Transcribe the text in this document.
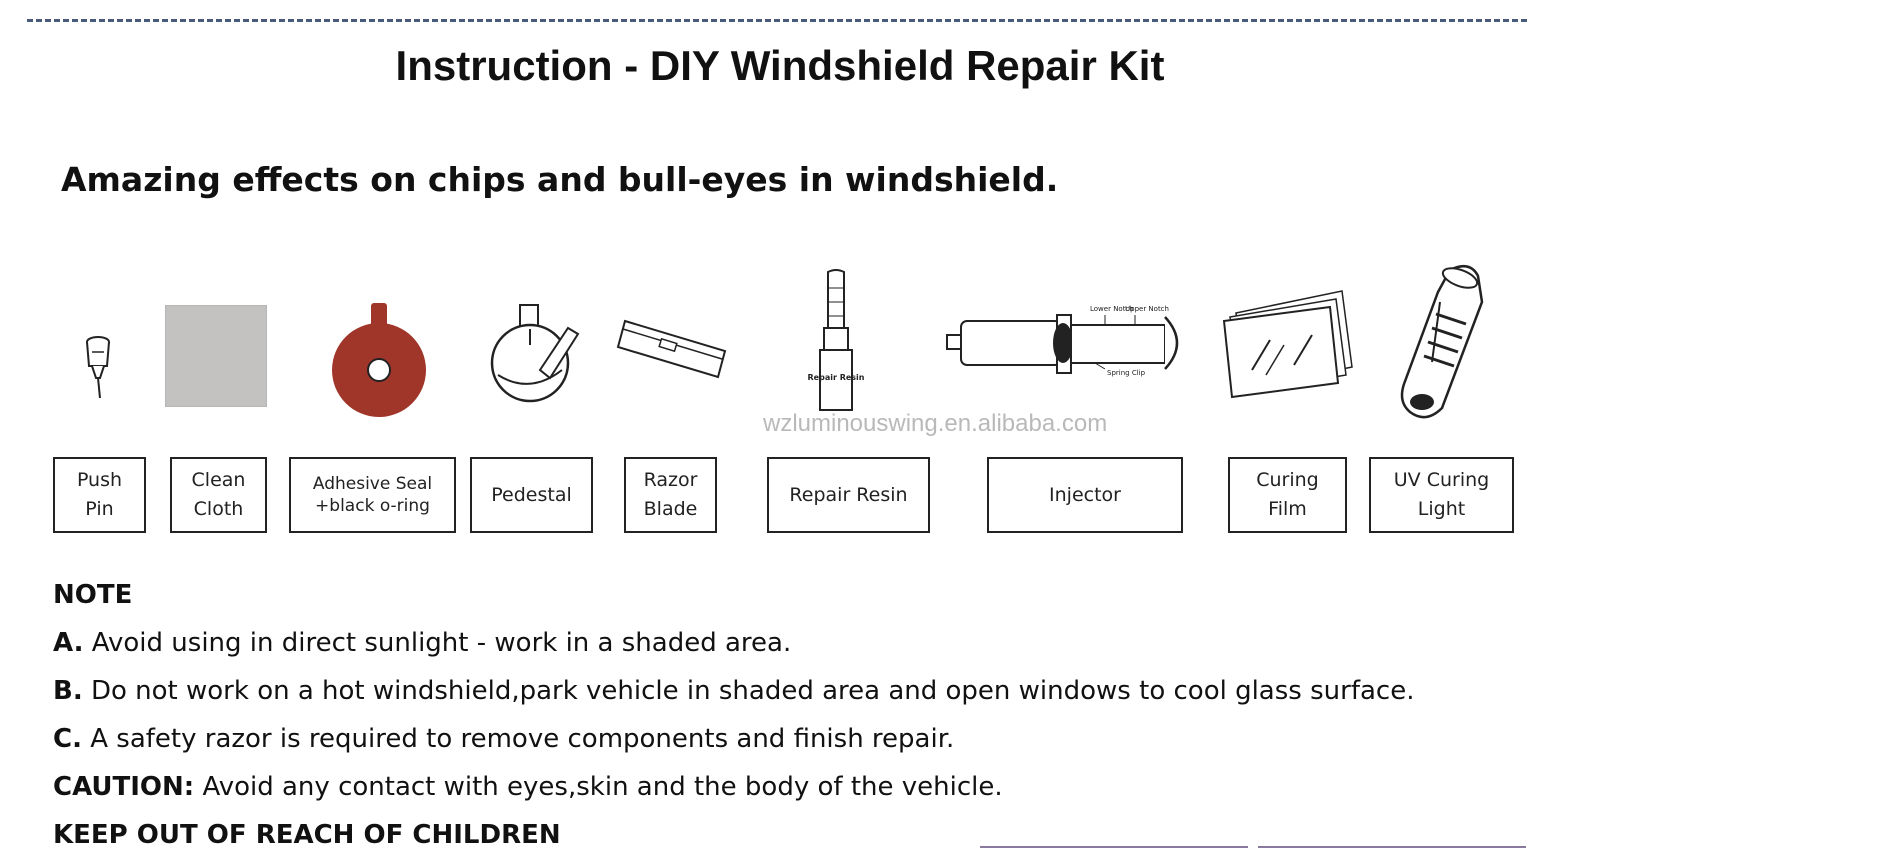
Instruction - DIY Windshield Repair Kit
Amazing effects on chips and bull-eyes in windshield.
Repair Resin
Lower Notch
Upper Notch
Spring Clip
wzluminouswing.en.alibaba.com
Push
Pin
Clean
Cloth
Adhesive Seal
+black o-ring
Pedestal
Razor
Blade
Repair Resin	Injector
Curing
Film
UV Curing
Light
NOTE
A. Avoid using in direct sunlight - work in a shaded area.
B. Do not work on a hot windshield,park vehicle in shaded area and open windows to cool glass surface.
C. A safety razor is required to remove components and finish repair.
CAUTION: Avoid any contact with eyes,skin and the body of the vehicle.
KEEP OUT OF REACH OF CHILDREN
